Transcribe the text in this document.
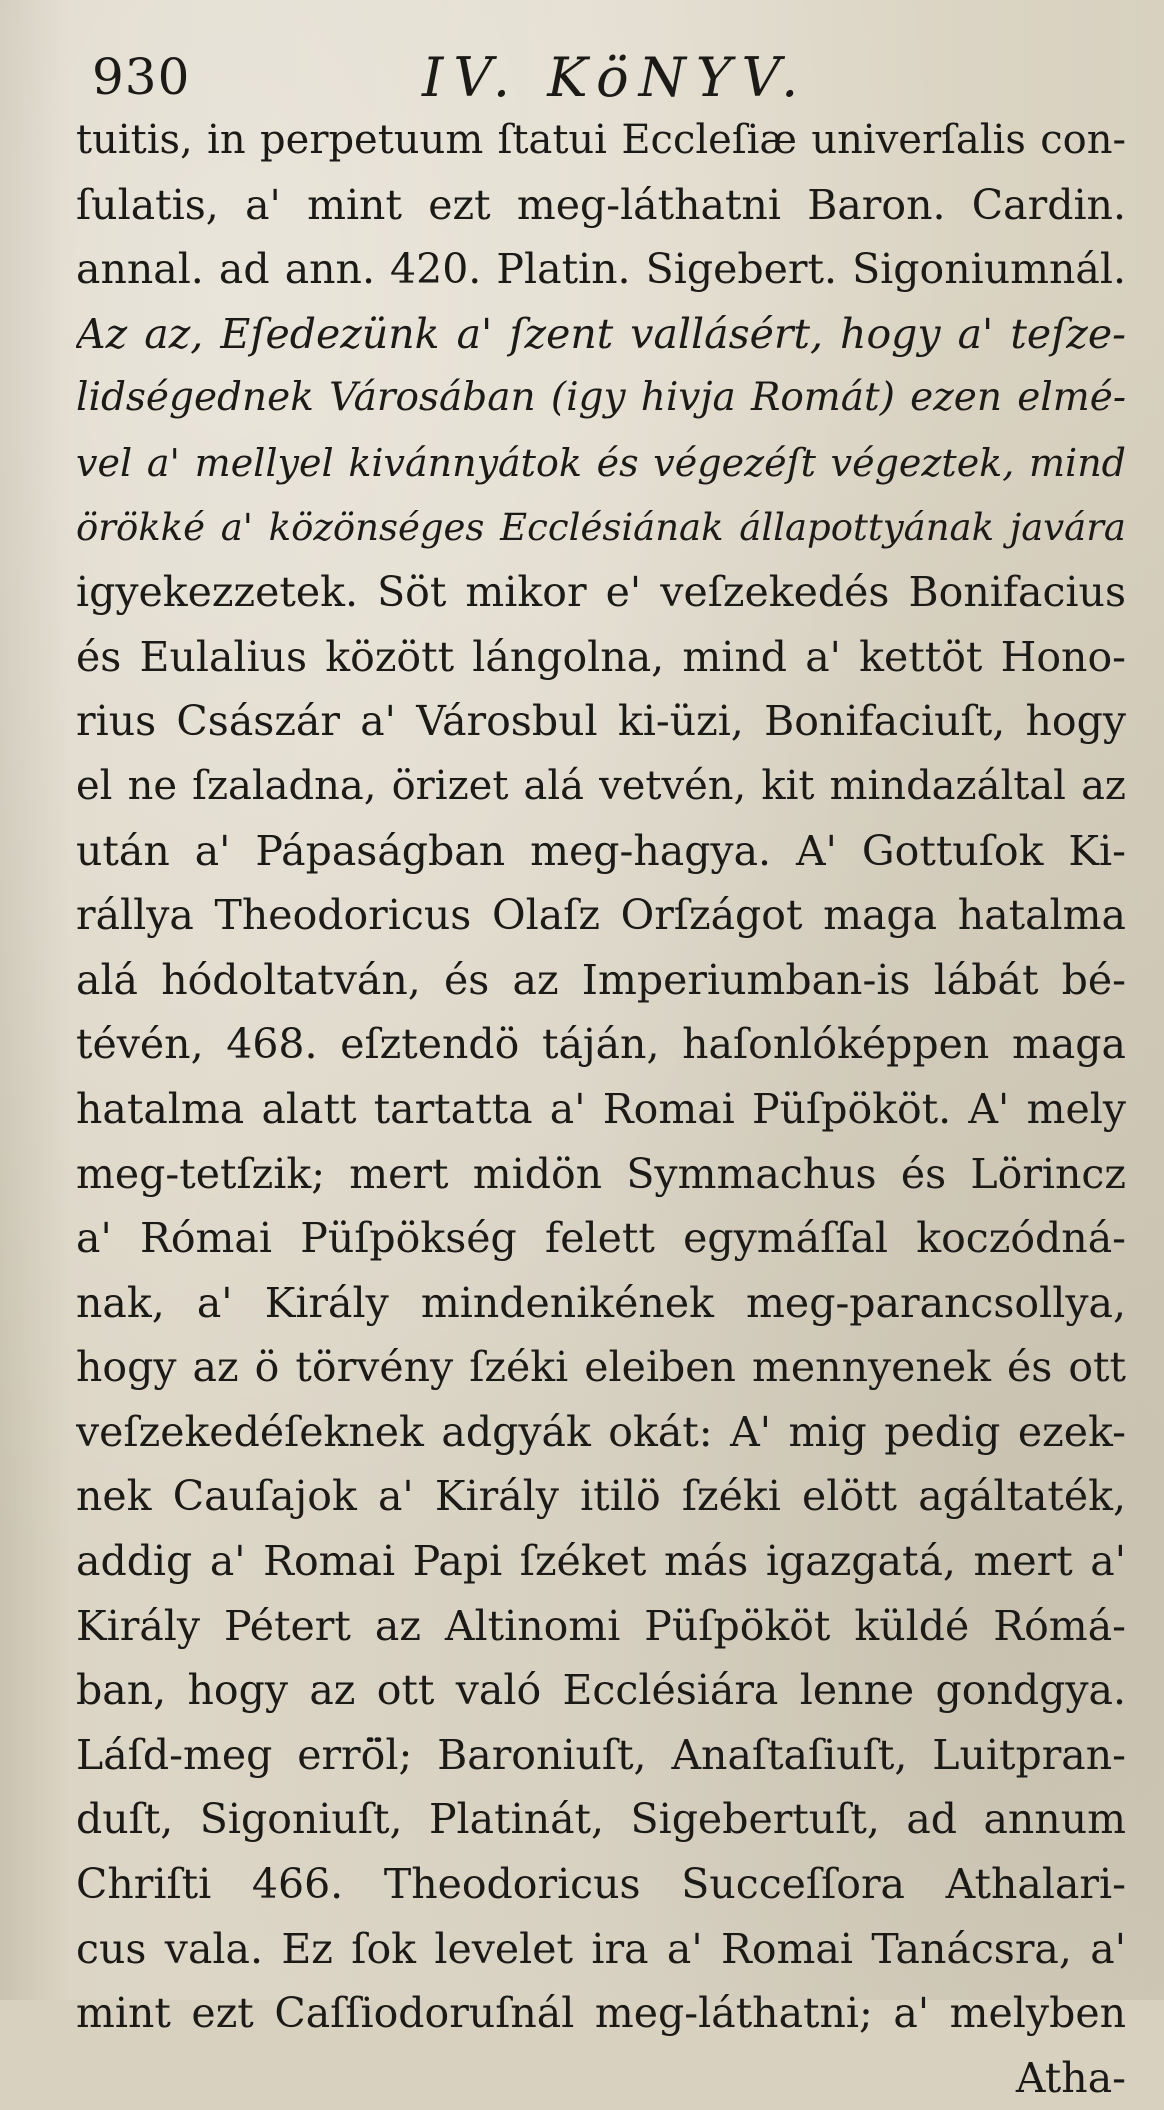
930	IV. KöNYV.
tuitis, in perpetuum ſtatui Eccleſiæ univerſalis con-
ſulatis, a' mint ezt meg-láthatni Baron. Cardin.
annal. ad ann. 420. Platin. Sigebert. Sigoniumnál.
Az az, Eſedezünk a' ſzent vallásért, hogy a' teſze-
lidségednek Városában (igy hivja Romát) ezen elmé-
vel a' mellyel kivánnyátok és végezéſt végeztek, mind
örökké a' közönséges Ecclésiának állapottyának javára
igyekezzetek. Söt mikor e' veſzekedés Bonifacius
és Eulalius között lángolna, mind a' kettöt Hono-
rius Császár a' Városbul ki-üzi, Bonifaciuſt, hogy
el ne ſzaladna, örizet alá vetvén, kit mindazáltal az
után a' Pápaságban meg-hagya. A' Gottuſok Ki-
rállya Theodoricus Olaſz Orſzágot maga hatalma
alá hódoltatván, és az Imperiumban-is lábát bé-
tévén, 468. eſztendö táján, haſonlóképpen maga
hatalma alatt tartatta a' Romai Püſpököt. A' mely
meg-tetſzik; mert midön Symmachus és Lörincz
a' Római Püſpökség felett egymáſſal koczódná-
nak, a' Király mindenikének meg-parancsollya,
hogy az ö törvény ſzéki eleiben mennyenek és ott
veſzekedéſeknek adgyák okát: A' mig pedig ezek-
nek Cauſajok a' Király itilö ſzéki elött agáltaték,
addig a' Romai Papi ſzéket más igazgatá, mert a'
Király Pétert az Altinomi Püſpököt küldé Rómá-
ban, hogy az ott való Ecclésiára lenne gondgya.
Láſd-meg errö̈l; Baroniuſt, Anaſtaſiuſt, Luitpran-
duſt, Sigoniuſt, Platinát, Sigebertuſt, ad annum
Chriſti 466. Theodoricus Succeſſora Athalari-
cus vala. Ez ſok levelet ira a' Romai Tanácsra, a'
mint ezt Caſſiodoruſnál meg-láthatni; a' melyben
Atha-
